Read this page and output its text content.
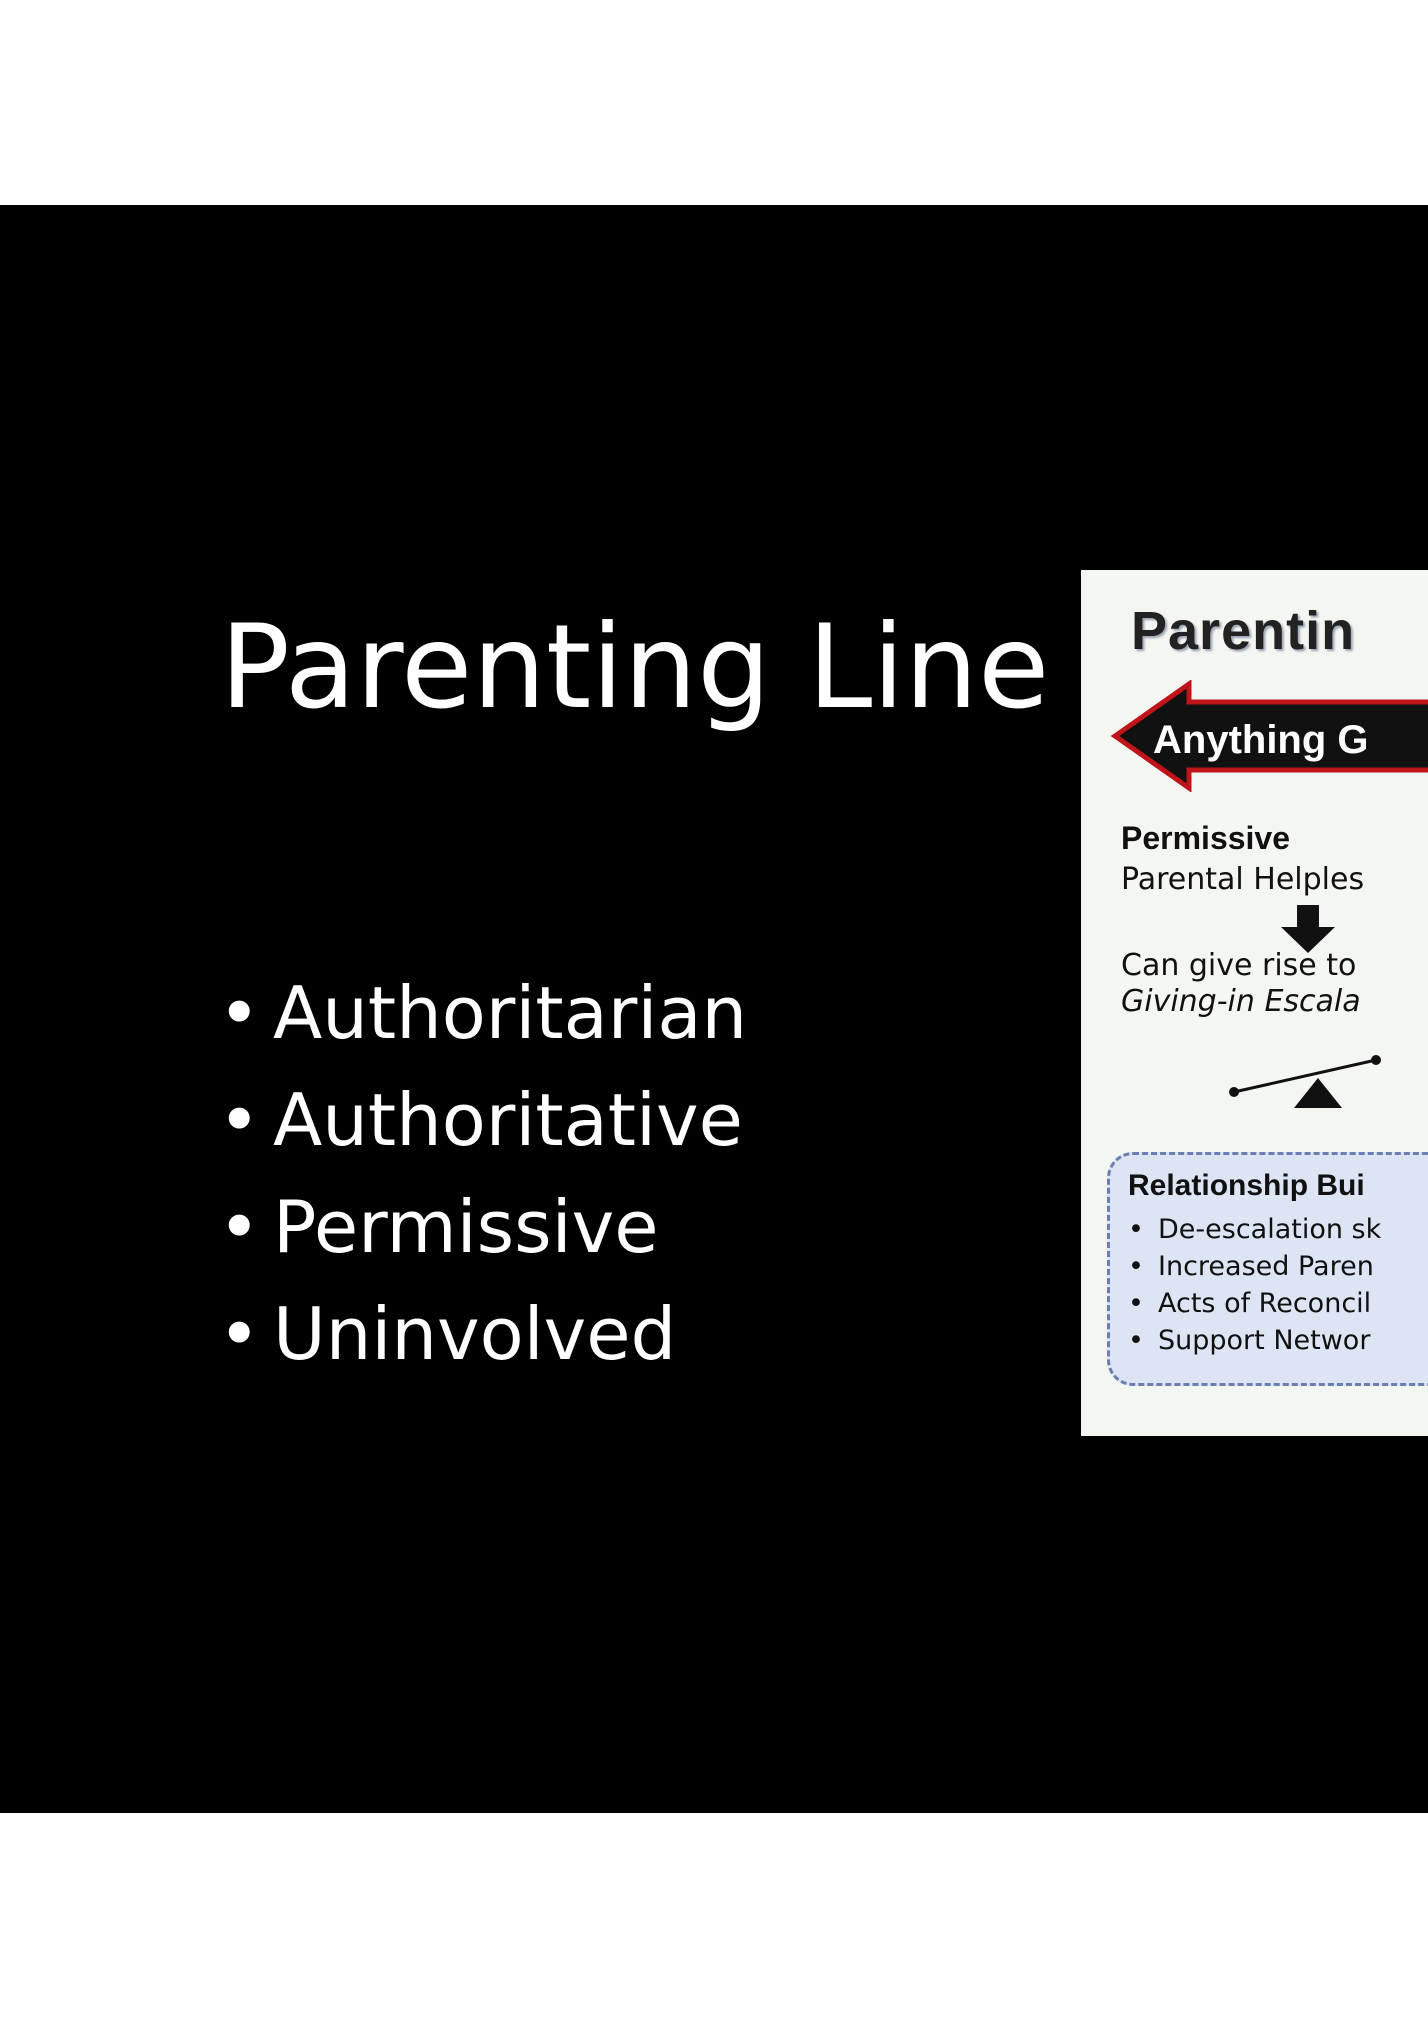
Parenting Line
• Authoritarian
• Authoritative
• Permissive
• Uninvolved
Parentin
Anything G
Permissive
Parental Helples
Can give rise to
Giving-in Escala
Relationship Bui
• De-escalation sk
• Increased Paren
• Acts of Reconcil
• Support Networ
